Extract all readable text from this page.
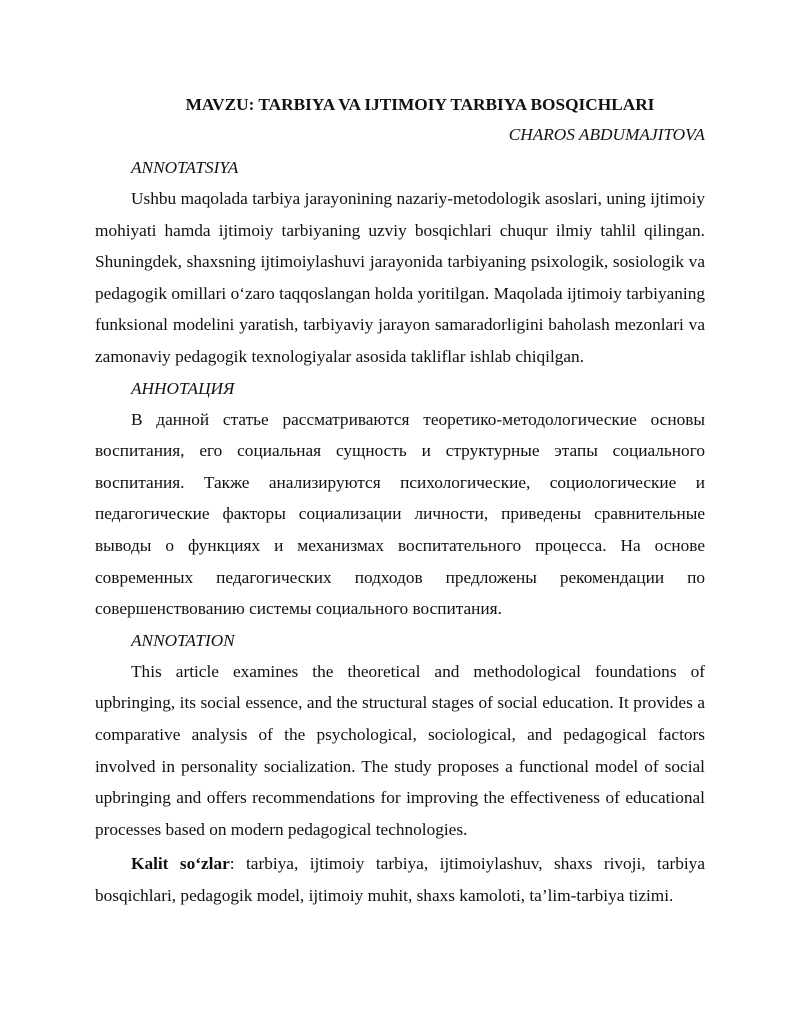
MAVZU: TARBIYA VA IJTIMOIY TARBIYA BOSQICHLARI
CHAROS ABDUMAJITOVA
ANNOTATSIYA

Ushbu maqolada tarbiya jarayonining nazariy-metodologik asoslari, uning ijtimoiy mohiyati hamda ijtimoiy tarbiyaning uzviy bosqichlari chuqur ilmiy tahlil qilingan. Shuningdek, shaxsning ijtimoiylashuvi jarayonida tarbiyaning psixologik, sosiologik va pedagogik omillari o‘zaro taqqoslangan holda yoritilgan. Maqolada ijtimoiy tarbiyaning funksional modelini yaratish, tarbiyaviy jarayon samaradorligini baholash mezonlari va zamonaviy pedagogik texnologiyalar asosida takliflar ishlab chiqilgan.

АННОТАЦИЯ

В данной статье рассматриваются теоретико-методологические основы воспитания, его социальная сущность и структурные этапы социального воспитания. Также анализируются психологические, социологические и педагогические факторы социализации личности, приведены сравнительные выводы о функциях и механизмах воспитательного процесса. На основе современных педагогических подходов предложены рекомендации по совершенствованию системы социального воспитания.

ANNOTATION

This article examines the theoretical and methodological foundations of upbringing, its social essence, and the structural stages of social education. It provides a comparative analysis of the psychological, sociological, and pedagogical factors involved in personality socialization. The study proposes a functional model of social upbringing and offers recommendations for improving the effectiveness of educational processes based on modern pedagogical technologies.

Kalit so‘zlar: tarbiya, ijtimoiy tarbiya, ijtimoiylashuv, shaxs rivoji, tarbiya bosqichlari, pedagogik model, ijtimoiy muhit, shaxs kamoloti, ta’lim-tarbiya tizimi.
